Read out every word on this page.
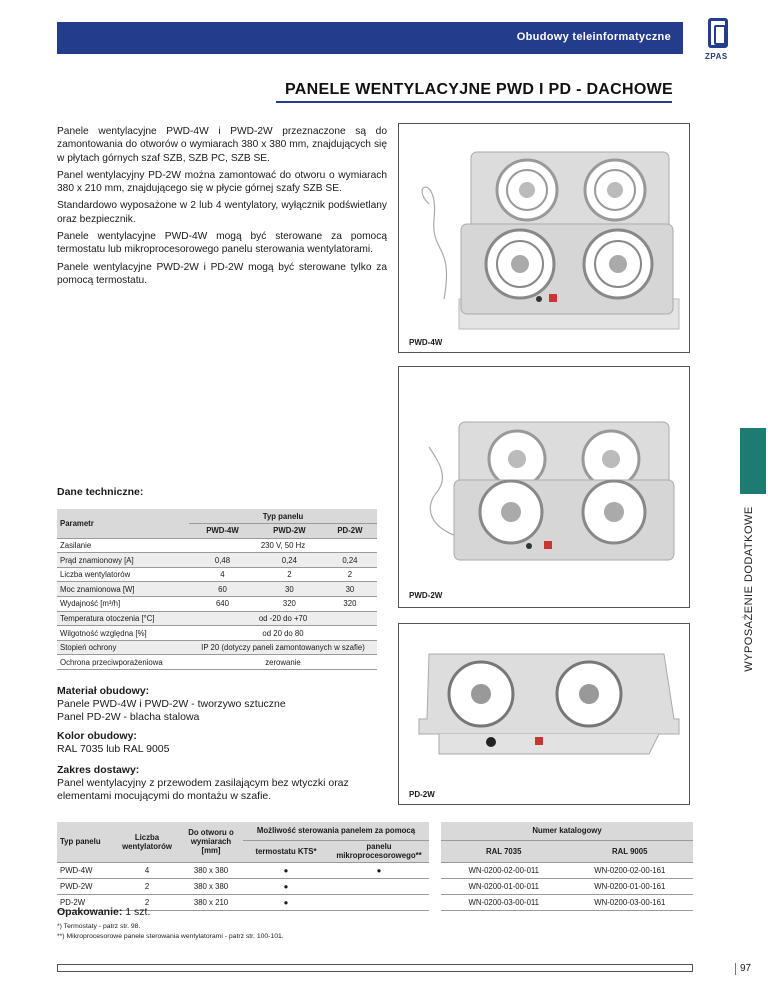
Obudowy teleinformatyczne
ZPAS
PANELE WENTYLACYJNE PWD I PD - DACHOWE

Panele wentylacyjne PWD-4W i PWD-2W przeznaczone są do zamontowania do otworów o wymiarach 380 x 380 mm, znajdujących się w płytach górnych szaf SZB, SZB PC, SZB SE.

Panel wentylacyjny PD-2W można zamontować do otworu o wymiarach 380 x 210 mm, znajdującego się w płycie górnej szafy SZB SE.

Standardowo wyposażone w 2 lub 4 wentylatory, wyłącznik podświetlany oraz bezpiecznik.

Panele wentylacyjne PWD-4W mogą być sterowane za pomocą termostatu lub mikroprocesorowego panelu sterowania wentylatorami.

Panele wentylacyjne PWD-2W i PD-2W mogą być sterowane tylko za pomocą termostatu.

WYPOSAŻENIE DODATKOWE
PWD-4W
PWD-2W
PD-2W
Dane techniczne:
Parametr	Typ panelu		
	PWD-4W	PWD-2W	PD-2W
Zasilanie	230 V, 50 Hz		
Prąd znamionowy [A]	0,48	0,24	0,24
Liczba wentylatorów	4	2	2
Moc znamionowa [W]	60	30	30
Wydajność [m³/h]	640	320	320
Temperatura otoczenia [°C]	od -20 do +70		
Wilgotność względna [%]	od 20 do 80		
Stopień ochrony	IP 20 (dotyczy paneli zamontowanych w szafie)		
Ochrona przeciwporażeniowa	zerowanie		
Materiał obudowy:
Panele PWD-4W i PWD-2W - tworzywo sztuczne
Panel PD-2W - blacha stalowa
Kolor obudowy:
RAL 7035 lub RAL 9005
Zakres dostawy:
Panel wentylacyjny z przewodem zasilającym bez wtyczki oraz
elementami mocującymi do montażu w szafie.
Typ panelu	Liczba wentylatorów	Do otworu o wymiarach [mm]	Możliwość sterowania panelem za pomocą			Numer katalogowy	
			termostatu KTS*	panelu mikroprocesorowego**		RAL 7035	RAL 9005
PWD-4W	4	380 x 380	●	●		WN-0200-02-00-011	WN-0200-02-00-161
PWD-2W	2	380 x 380	●			WN-0200-01-00-011	WN-0200-01-00-161
PD-2W	2	380 x 210	●			WN-0200-03-00-011	WN-0200-03-00-161
Opakowanie: 1 szt.
*) Termostaty - patrz str. 98.
**) Mikroprocesorowe panele sterowania wentylatorami - patrz str. 100-101.
97
